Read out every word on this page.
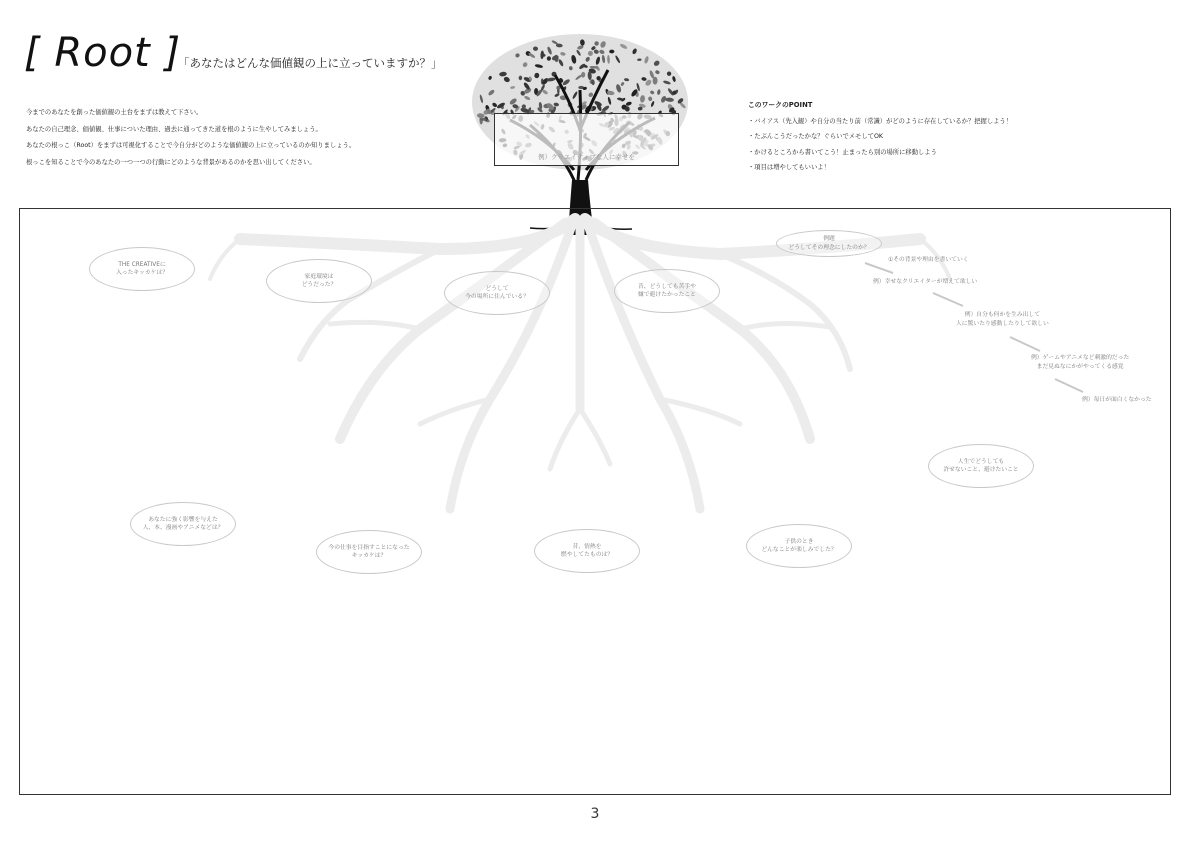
[ Root ]
「あなたはどんな価値観の上に立っていますか？」
今までのあなたを創った価値観の土台をまずは教えて下さい。
あなたの自己理念、価値観、仕事についた理由、過去に通ってきた道を根のように生やしてみましょう。
あなたの根っこ（Root）をまずは可視化することで今自分がどのような価値観の上に立っているのか知りましょう。
根っこを知ることで今のあなたの一つ一つの行動にどのような背景があるのかを思い出してください。
このワークのPOINT
・バイアス（先入観）や自分の当たり前（常識）がどのように存在しているか？把握しよう！
・たぶんこうだったかな？ぐらいでメモしてOK
・かけるところから書いてこう！止まったら別の場所に移動しよう
・項目は増やしてもいいよ！
例）クリエイティブな人に幸せを
THE CREATIVEに
入ったキッカケは？
家庭環境は
どうだった？
どうして
今の場所に住んでいる？
昔、どうしても苦手や
嫌で避けたかったこと
例題
どうしてその理念にしたのか？
人生でどうしても
許せないこと、避けたいこと
あなたに強く影響を与えた
人、本、漫画やアニメなどは？
今の仕事を目指すことになった
キッカケは？
昔、情熱を
燃やしてたものは？
子供のとき
どんなことが楽しみでした？
①その背景や理由を書いていく
例）幸せなクリエイターが増えて欲しい
例）自分も何かを生み出して
人に驚いたり感動したりして欲しい
例）ゲームやアニメなど刺激的だった
まだ見ぬなにかがやってくる感覚
例）毎日が面白くなかった
3
